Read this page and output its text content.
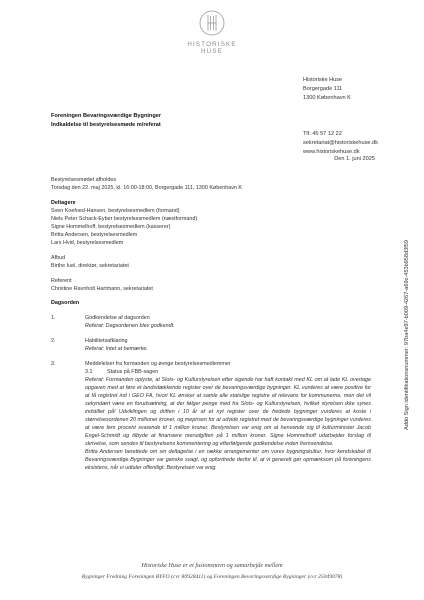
HISTORISKE
HUSE
Historiske Huse
Borgergade 111
1300 København K
Tlf. 45 57 12 22
sekretariat@historiskehuse.dk
www.historiskehuse.dk
Foreningen Bevaringsværdige Bygninger
Indkaldelse til bestyrelsesmøde m/referat
Den 1. juni 2025
Addo Sign identifikationsnummer: 97ba4e97-b009-4267-a69c-453b958d3f59

Bestyrelsesmødet afholdes

Torsdag den 22. maj 2025, kl. 16:00-18:00, Borgergade 111, 1300 København K

Deltagere

Sven Koefoed-Hansen, bestyrelsesmedlem (formand)

Niels Peter Schack-Eyber bestyrelsesmedlem (næstformand)

Signe Hommelhoff, bestyrelsesmedlem (kasserer)

Britta Andersen, bestyrelsesmedlem

Lars Hvid, bestyrelsesmedlem

Afbud

Birthe Iuel, direktør, sekretariatet

Referent

Christine Ravnholt Hartmann, sekretariatet

Dagsorden

1.	Godkendelse af dagsorden

Referat: Dagsordenen blev godkendt.

2.	Habilitetsafklaring

Referat: Intet at bemærke.

3.	Meddelelser fra formanden og øvrige bestyrelsesmedlemmer

3.1	Status på FBB-sagen

Referat: Formanden oplyste, at Slots- og Kulturstyrelsen efter sigende har haft kontakt med KL om at lade KL overtage opgaven med at føre et landsdækkende register over de bevaringsværdige bygninger. KL vurderes at være positive for at få registret ind i GEO FA, hvori KL ønsker at samle alle statslige registre af relevans for kommunerne, men det vil sekyndært være en forudsætning, at der følger penge med fra Slots- og Kulturstyrelsen, hvilket styrelsen ikke synes indstillet på! Udviklingen og driften i 10 år af et nyt register over de fredede bygninger vurderes at koste i størrelsesordenen 20 millioner kroner, og meprisen for at udvide registret med de bevaringsværdige bygninger vurderes at være fem procent svarende til 1 million kroner. Bestyrelsen var enig om at henvende sig til kulturminister Jacob Engel-Schmidt og tilbyde at finansiere merudgiften på 1 million kroner. Signe Hommelhoff udarbejder forslag til skrivelse, som sendes til bestyrelsens kommentering og efterfølgende godkendelse inden fremsendelse.

Britta Andersen berettede om sin deltagelse i en række arrangementer om vores bygningskultur, hvor kendskabet til Bevaringsværdige Bygninger var ganske svagt, og opfordrede derfor til, at vi generelt gør opmærksom på foreningens eksistens, når vi udtaler offentligt. Bestyrelsen var enig.

Historiske Huse er et fusionsnavn og samarbejde mellem
Bygninger Fredning Foreningen BYFO (cvr 80928411) og Foreningen Bevaringsværdige Bygninger (cvr 25049078)
